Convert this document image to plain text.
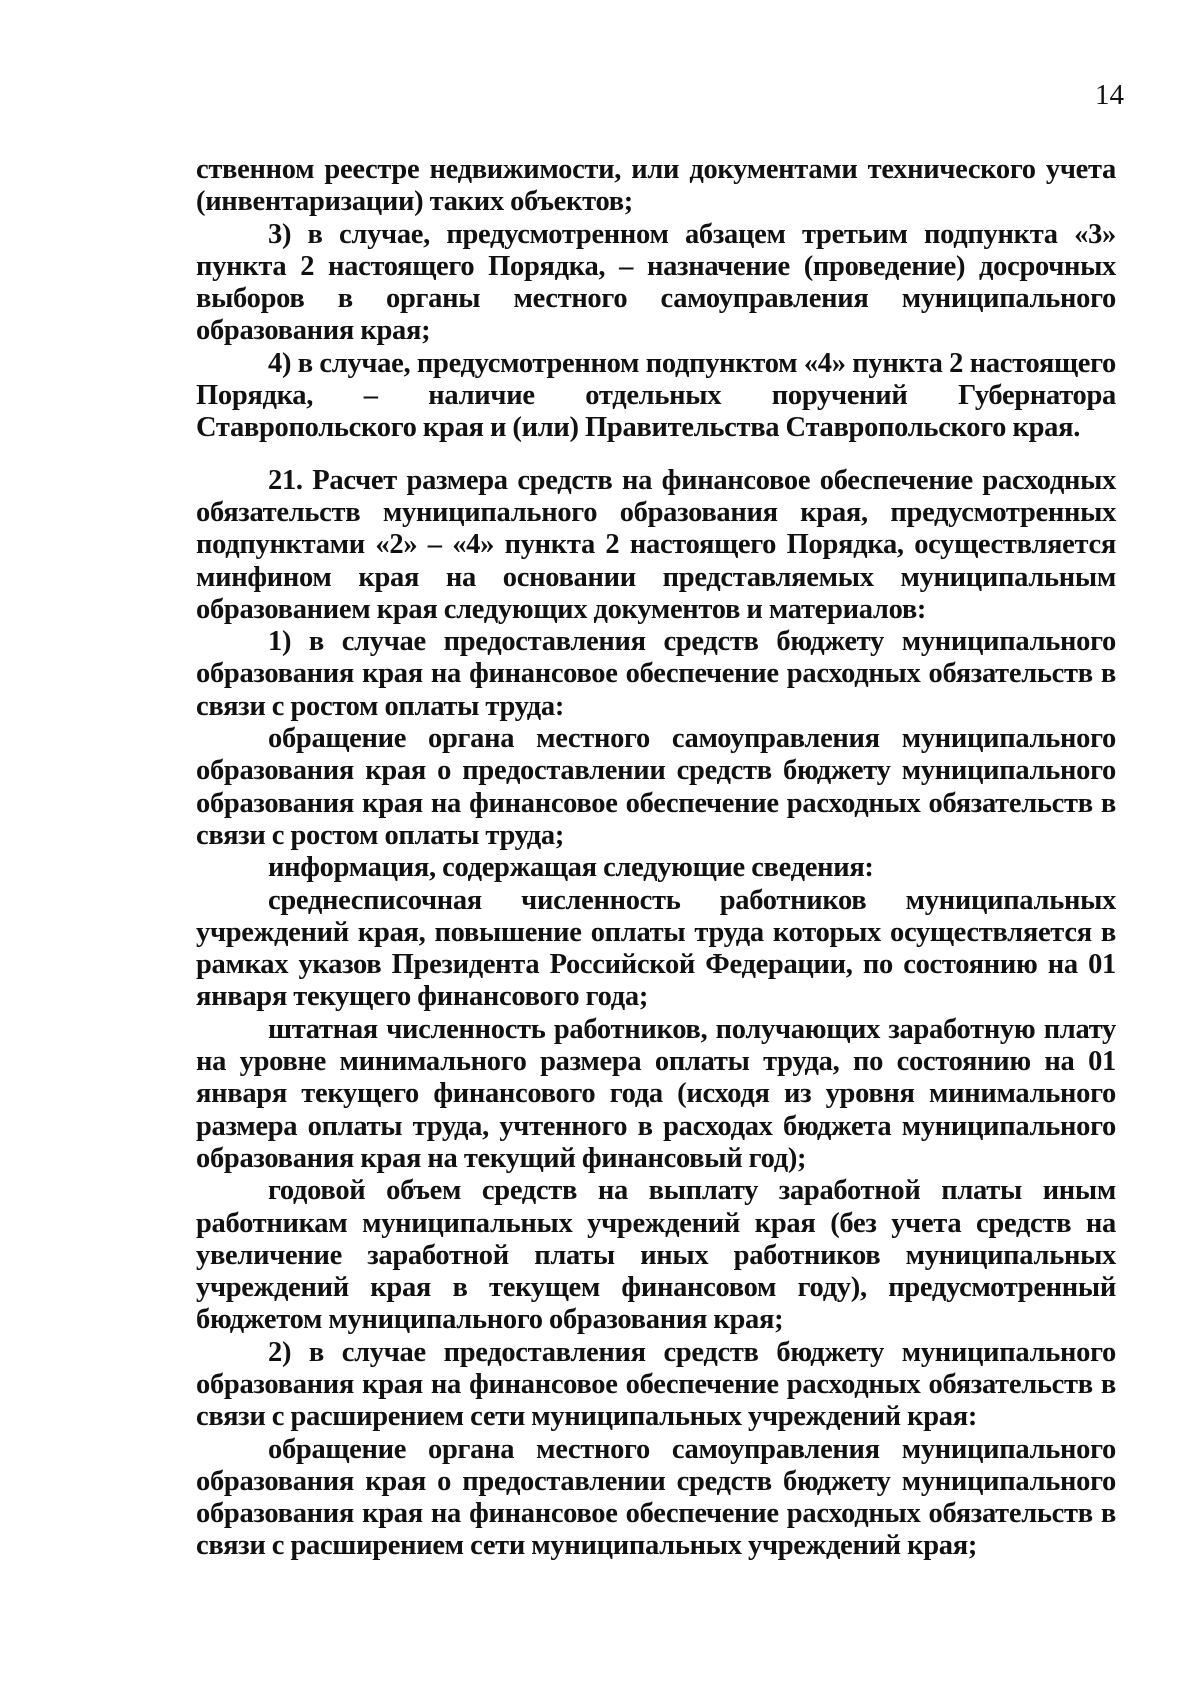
14

ственном реестре недвижимости, или документами технического учета (инвентаризации) таких объектов;

3) в случае, предусмотренном абзацем третьим подпункта «3» пункта 2 настоящего Порядка, – назначение (проведение) досрочных выборов в органы местного самоуправления муниципального образования края;

4) в случае, предусмотренном подпунктом «4» пункта 2 настоящего Порядка, – наличие отдельных поручений Губернатора Ставропольского края и (или) Правительства Ставропольского края.

21. Расчет размера средств на финансовое обеспечение расходных обязательств муниципального образования края, предусмотренных подпунктами «2» – «4» пункта 2 настоящего Порядка, осуществляется минфином края на основании представляемых муниципальным образованием края следующих документов и материалов:

1) в случае предоставления средств бюджету муниципального образования края на финансовое обеспечение расходных обязательств в связи с ростом оплаты труда:

обращение органа местного самоуправления муниципального образования края о предоставлении средств бюджету муниципального образования края на финансовое обеспечение расходных обязательств в связи с ростом оплаты труда;

информация, содержащая следующие сведения:

среднесписочная численность работников муниципальных учреждений края, повышение оплаты труда которых осуществляется в рамках указов Президента Российской Федерации, по состоянию на 01 января текущего финансового года;

штатная численность работников, получающих заработную плату на уровне минимального размера оплаты труда, по состоянию на 01 января текущего финансового года (исходя из уровня минимального размера оплаты труда, учтенного в расходах бюджета муниципального образования края на текущий финансовый год);

годовой объем средств на выплату заработной платы иным работникам муниципальных учреждений края (без учета средств на увеличение заработной платы иных работников муниципальных учреждений края в текущем финансовом году), предусмотренный бюджетом муниципального образования края;

2) в случае предоставления средств бюджету муниципального образования края на финансовое обеспечение расходных обязательств в связи с расширением сети муниципальных учреждений края:

обращение органа местного самоуправления муниципального образования края о предоставлении средств бюджету муниципального образования края на финансовое обеспечение расходных обязательств в связи с расширением сети муниципальных учреждений края;
